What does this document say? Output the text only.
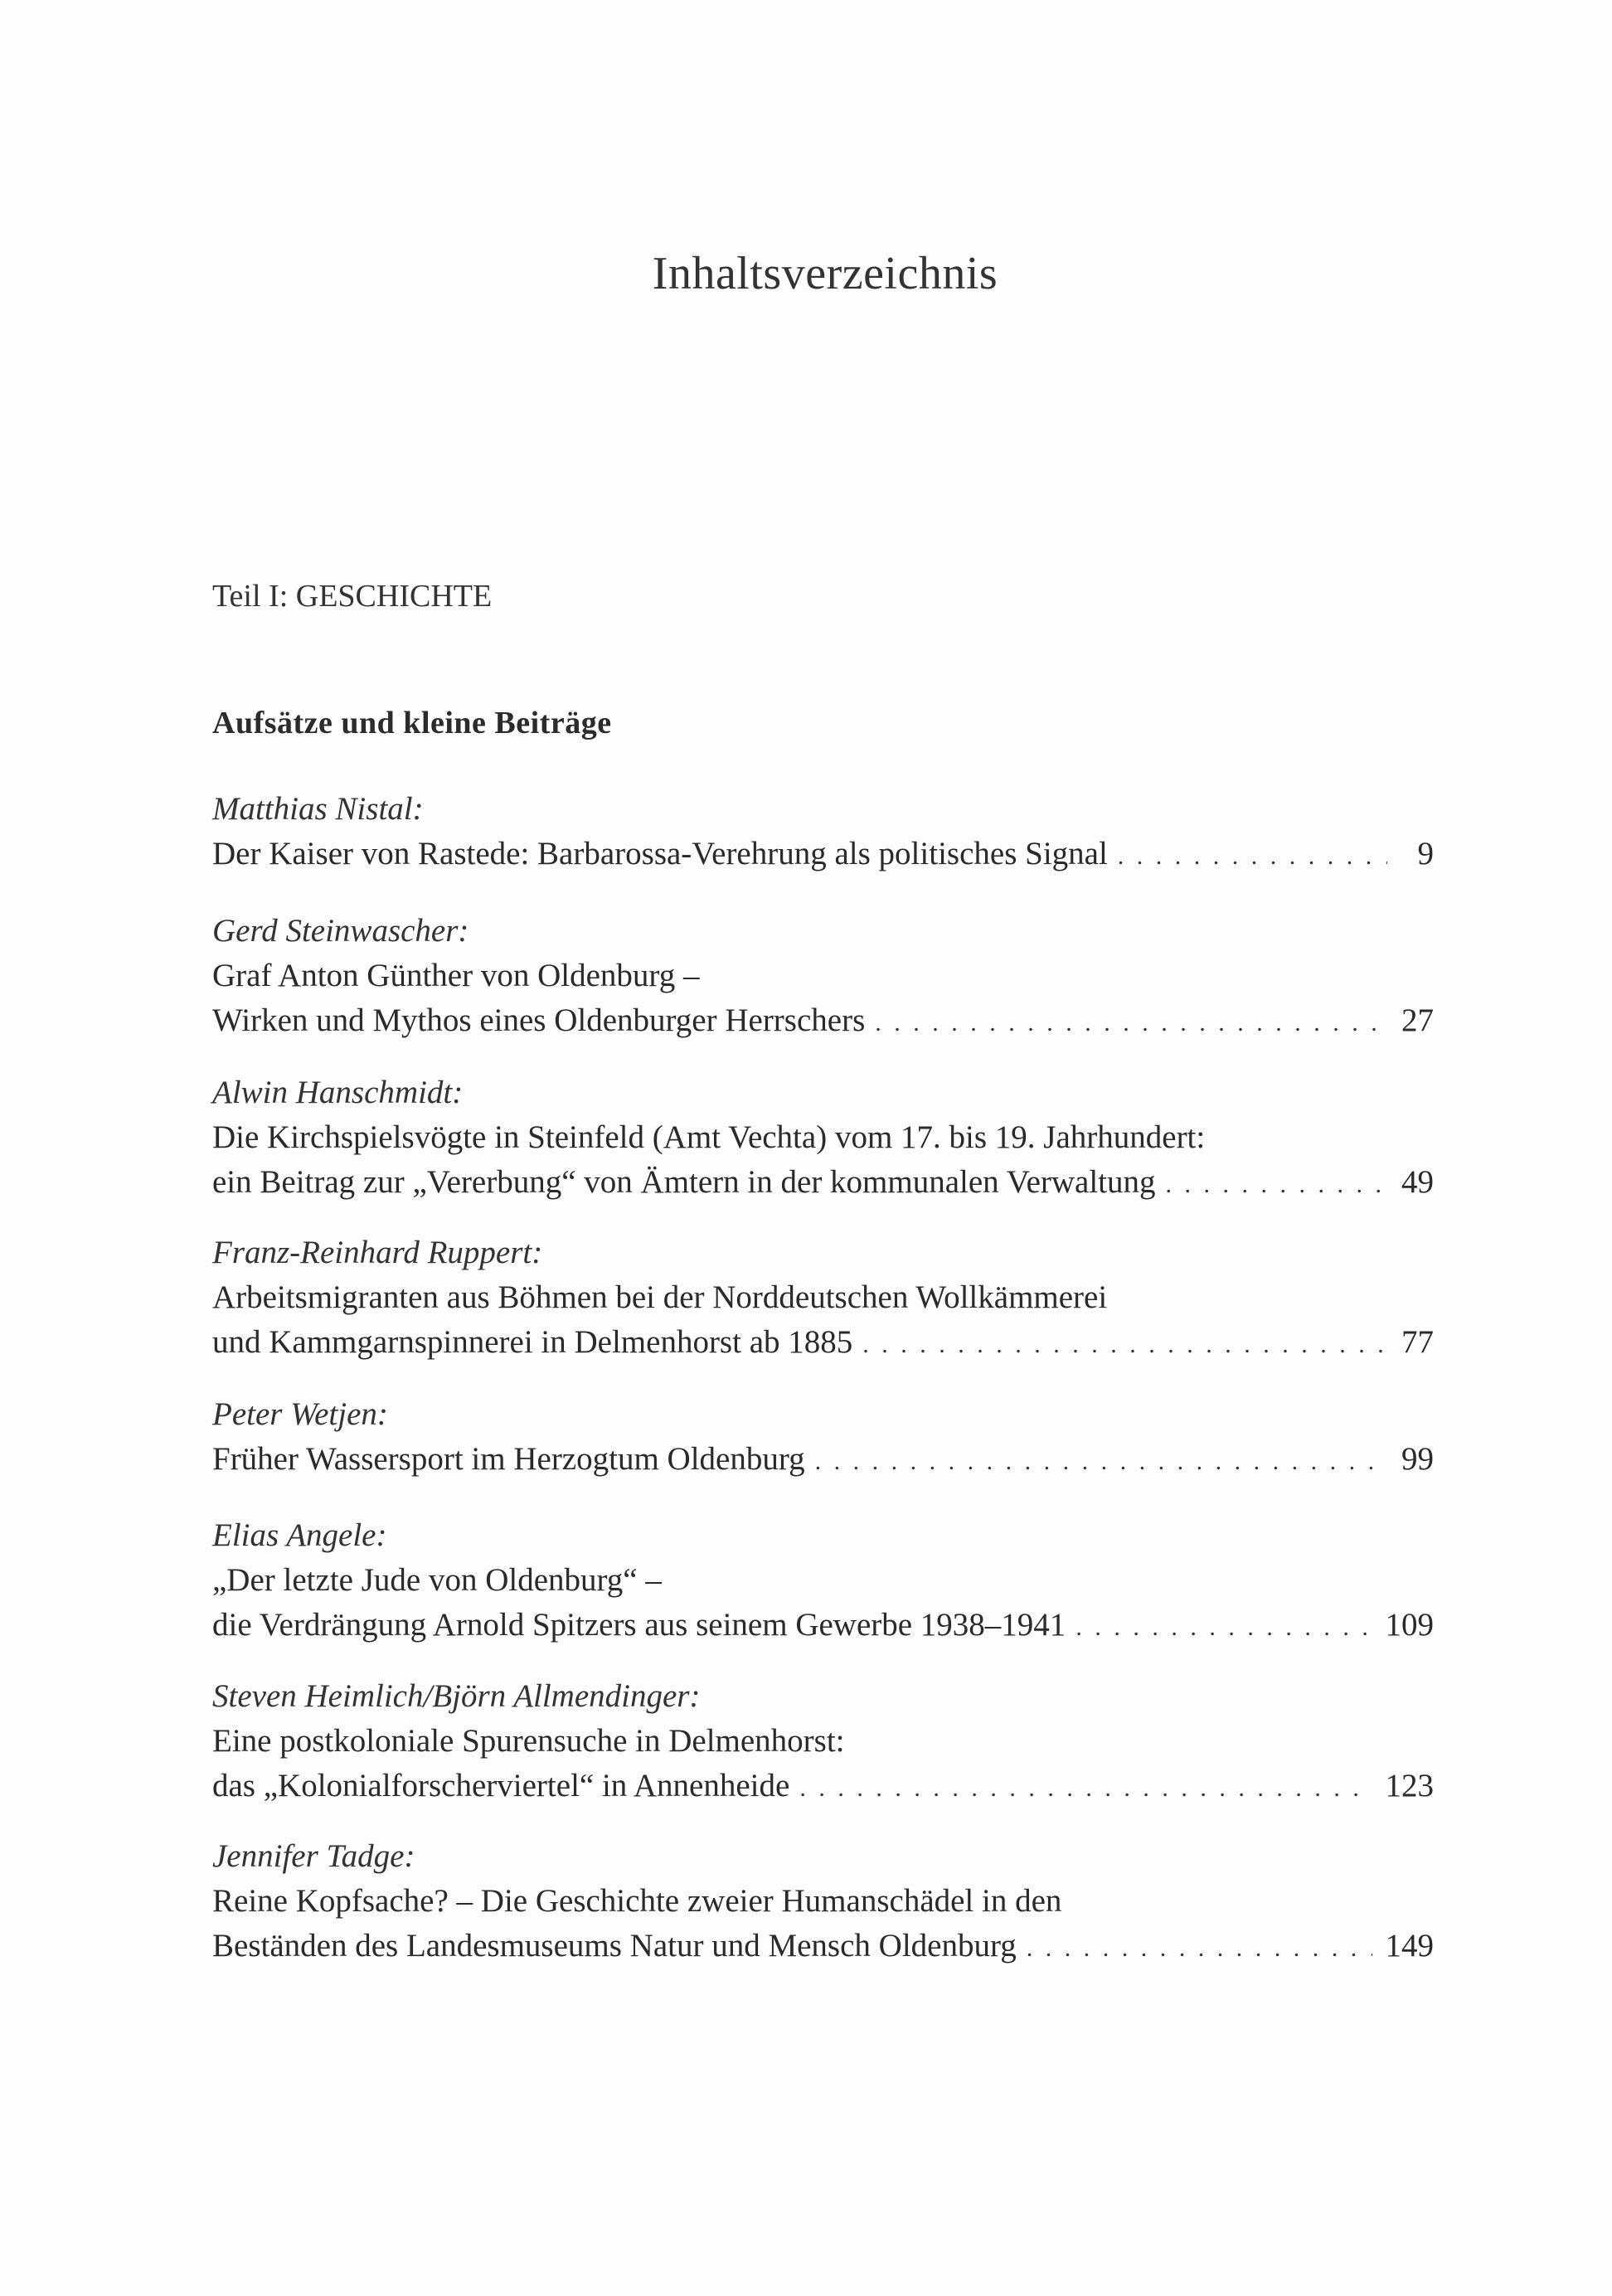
Inhaltsverzeichnis
Teil I: GESCHICHTE
Aufsätze und kleine Beiträge
Matthias Nistal:
Der Kaiser von Rastede: Barbarossa-Verehrung als politisches Signal . . .	9
Gerd Steinwascher:
Graf Anton Günther von Oldenburg –
Wirken und Mythos eines Oldenburger Herrschers . . .	27
Alwin Hanschmidt:
Die Kirchspielsvögte in Steinfeld (Amt Vechta) vom 17. bis 19. Jahrhundert:
ein Beitrag zur „Vererbung“ von Ämtern in der kommunalen Verwaltung . . .	49
Franz-Reinhard Ruppert:
Arbeitsmigranten aus Böhmen bei der Norddeutschen Wollkämmerei
und Kammgarnspinnerei in Delmenhorst ab 1885 . . .	77
Peter Wetjen:
Früher Wassersport im Herzogtum Oldenburg . . .	99
Elias Angele:
„Der letzte Jude von Oldenburg“ –
die Verdrängung Arnold Spitzers aus seinem Gewerbe 1938–1941 . . .	109
Steven Heimlich/Björn Allmendinger:
Eine postkoloniale Spurensuche in Delmenhorst:
das „Kolonialforscherviertel“ in Annenheide . . .	123
Jennifer Tadge:
Reine Kopfsache? – Die Geschichte zweier Humanschädel in den
Beständen des Landesmuseums Natur und Mensch Oldenburg . . .	149
